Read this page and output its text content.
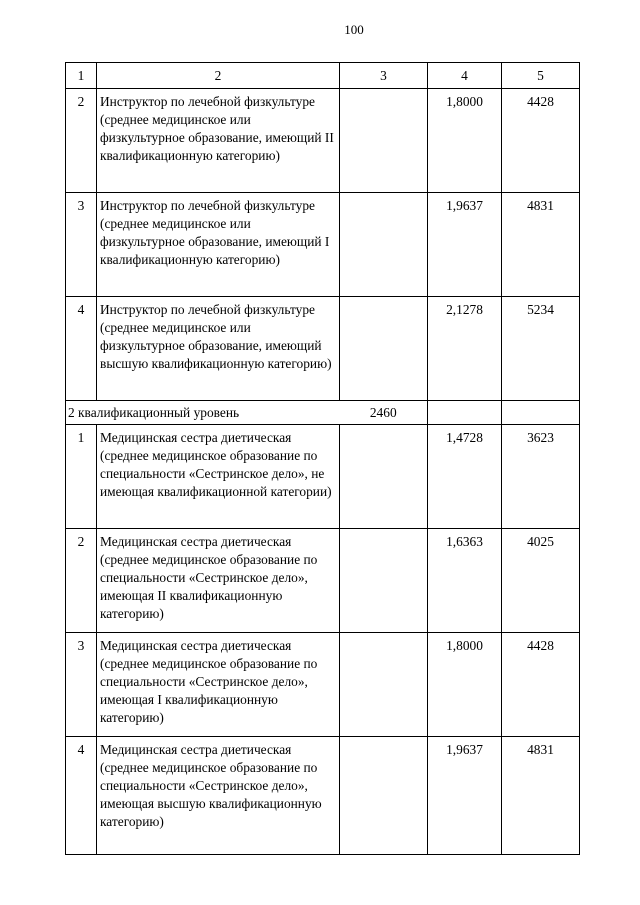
100
1	2	3	4	5
2	Инструктор по лечебной физкультуре (среднее медицинское или физкультурное образование, имеющий II квалификационную категорию)		1,8000	4428
3	Инструктор по лечебной физкультуре (среднее медицинское или физкультурное образование, имеющий I квалификационную категорию)		1,9637	4831
4	Инструктор по лечебной физкультуре (среднее медицинское или физкультурное образование, имеющий высшую квалификационную категорию)		2,1278	5234
2 квалификационный уровень		2460		
1	Медицинская сестра диетическая (среднее медицинское образование по специальности «Сестринское дело», не имеющая квалификационной категории)		1,4728	3623
2	Медицинская сестра диетическая (среднее медицинское образование по специальности «Сестринское дело», имеющая II квалификационную категорию)		1,6363	4025
3	Медицинская сестра диетическая (среднее медицинское образование по специальности «Сестринское дело», имеющая I квалификационную категорию)		1,8000	4428
4	Медицинская сестра диетическая (среднее медицинское образование по специальности «Сестринское дело», имеющая высшую квалификационную категорию)		1,9637	4831
